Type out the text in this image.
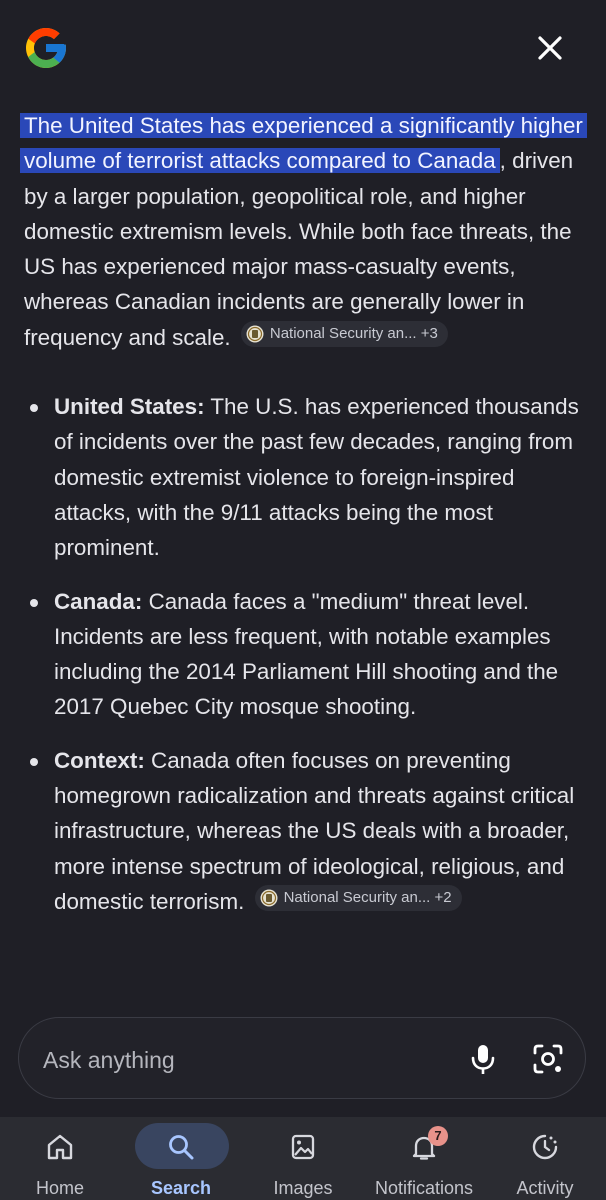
The United States has experienced a significantly higher volume of terrorist attacks compared to Canada , driven by a larger population, geopolitical role, and higher domestic extremism levels. While both face threats, the US has experienced major mass-casualty events, whereas Canadian incidents are generally lower in frequency and scale.	National Security an... +3

United States: The U.S. has experienced thousands of incidents over the past few decades, ranging from domestic extremist violence to foreign-inspired attacks, with the 9/11 attacks being the most prominent.
Canada: Canada faces a "medium" threat level. Incidents are less frequent, with notable examples including the 2014 Parliament Hill shooting and the 2017 Quebec City mosque shooting.
Context: Canada often focuses on preventing homegrown radicalization and threats against critical infrastructure, whereas the US deals with a broader, more intense spectrum of ideological, religious, and domestic terrorism.	National Security an... +2
Ask anything
Home	Search	Images
7
Notifications	Activity
